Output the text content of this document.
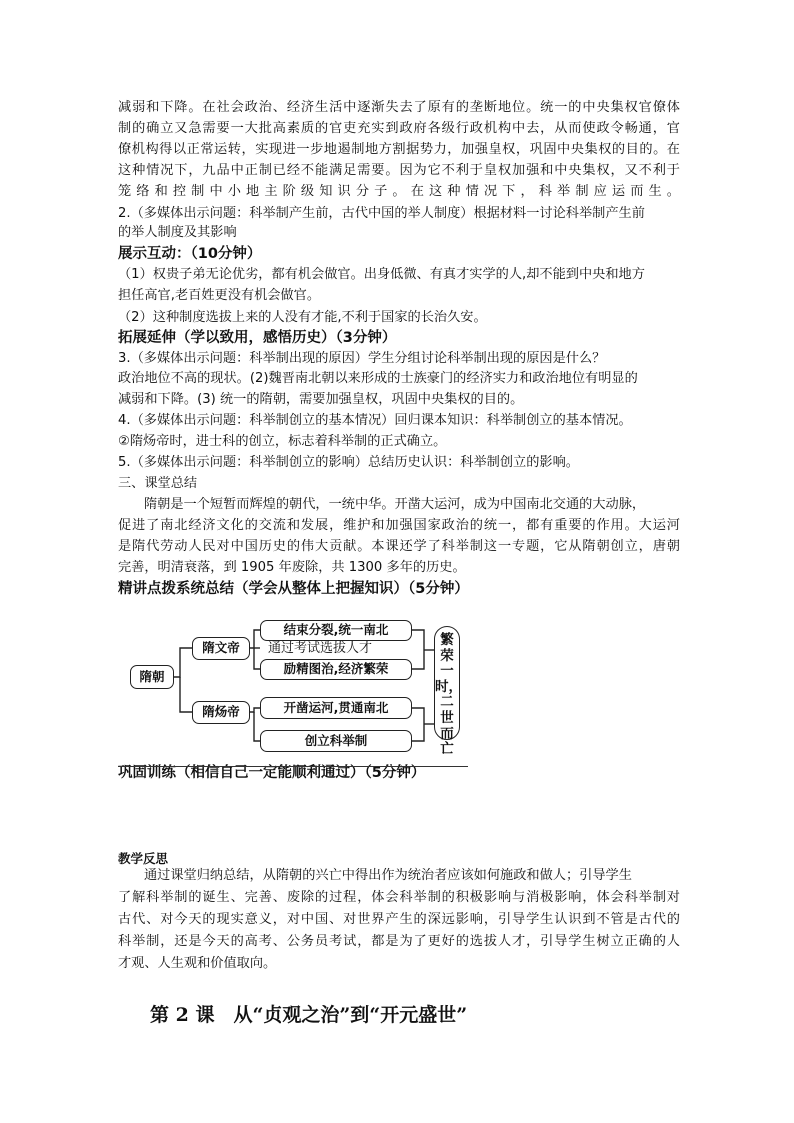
减弱和下降。在社会政治、经济生活中逐渐失去了原有的垄断地位。统一的中央集权官僚体

制的确立又急需要一大批高素质的官吏充实到政府各级行政机构中去，从而使政令畅通，官

僚机构得以正常运转，实现进一步地遏制地方割据势力，加强皇权，巩固中央集权的目的。在

这种情况下，九品中正制已经不能满足需要。因为它不利于皇权加强和中央集权，又不利于

笼络和控制中小地主阶级知识分子。在这种情况下，科举制应运而生。

2.（多媒体出示问题：科举制产生前，古代中国的举人制度）根据材料一讨论科举制产生前

的举人制度及其影响

展示互动：（10分钟）

（1）权贵子弟无论优劣，都有机会做官。出身低微、有真才实学的人,却不能到中央和地方

担任高官,老百姓更没有机会做官。

（2）这种制度选拔上来的人没有才能,不利于国家的长治久安。

拓展延伸（学以致用，感悟历史）（3分钟）

3.（多媒体出示问题：科举制出现的原因）学生分组讨论科举制出现的原因是什么？

政治地位不高的现状。(2)魏晋南北朝以来形成的士族豪门的经济实力和政治地位有明显的

减弱和下降。(3) 统一的隋朝，需要加强皇权，巩固中央集权的目的。

4.（多媒体出示问题：科举制创立的基本情况）回归课本知识：科举制创立的基本情况。

②隋炀帝时，进士科的创立，标志着科举制的正式确立。

5.（多媒体出示问题：科举制创立的影响）总结历史认识：科举制创立的影响。

三、课堂总结

隋朝是一个短暂而辉煌的朝代，一统中华。开凿大运河，成为中国南北交通的大动脉，

促进了南北经济文化的交流和发展，维护和加强国家政治的统一，都有重要的作用。大运河

是隋代劳动人民对中国历史的伟大贡献。本课还学了科举制这一专题，它从隋朝创立，唐朝

完善，明清衰落，到 1905 年废除，共 1300 多年的历史。

精讲点拨系统总结（学会从整体上把握知识）（5分钟）

隋朝
隋文帝
隋炀帝
结束分裂,统一南北
通过考试选拔人才
励精图治,经济繁荣
开凿运河,贯通南北
创立科举制
繁荣一时，二世而亡

巩固训练（相信自己一定能顺利通过）（5分钟）

教学反思

通过课堂归纳总结，从隋朝的兴亡中得出作为统治者应该如何施政和做人；引导学生

了解科举制的诞生、完善、废除的过程，体会科举制的积极影响与消极影响，体会科举制对

古代、对今天的现实意义，对中国、对世界产生的深远影响，引导学生认识到不管是古代的

科举制，还是今天的高考、公务员考试，都是为了更好的选拔人才，引导学生树立正确的人

才观、人生观和价值取向。

第 2 课　从“贞观之治”到“开元盛世”
